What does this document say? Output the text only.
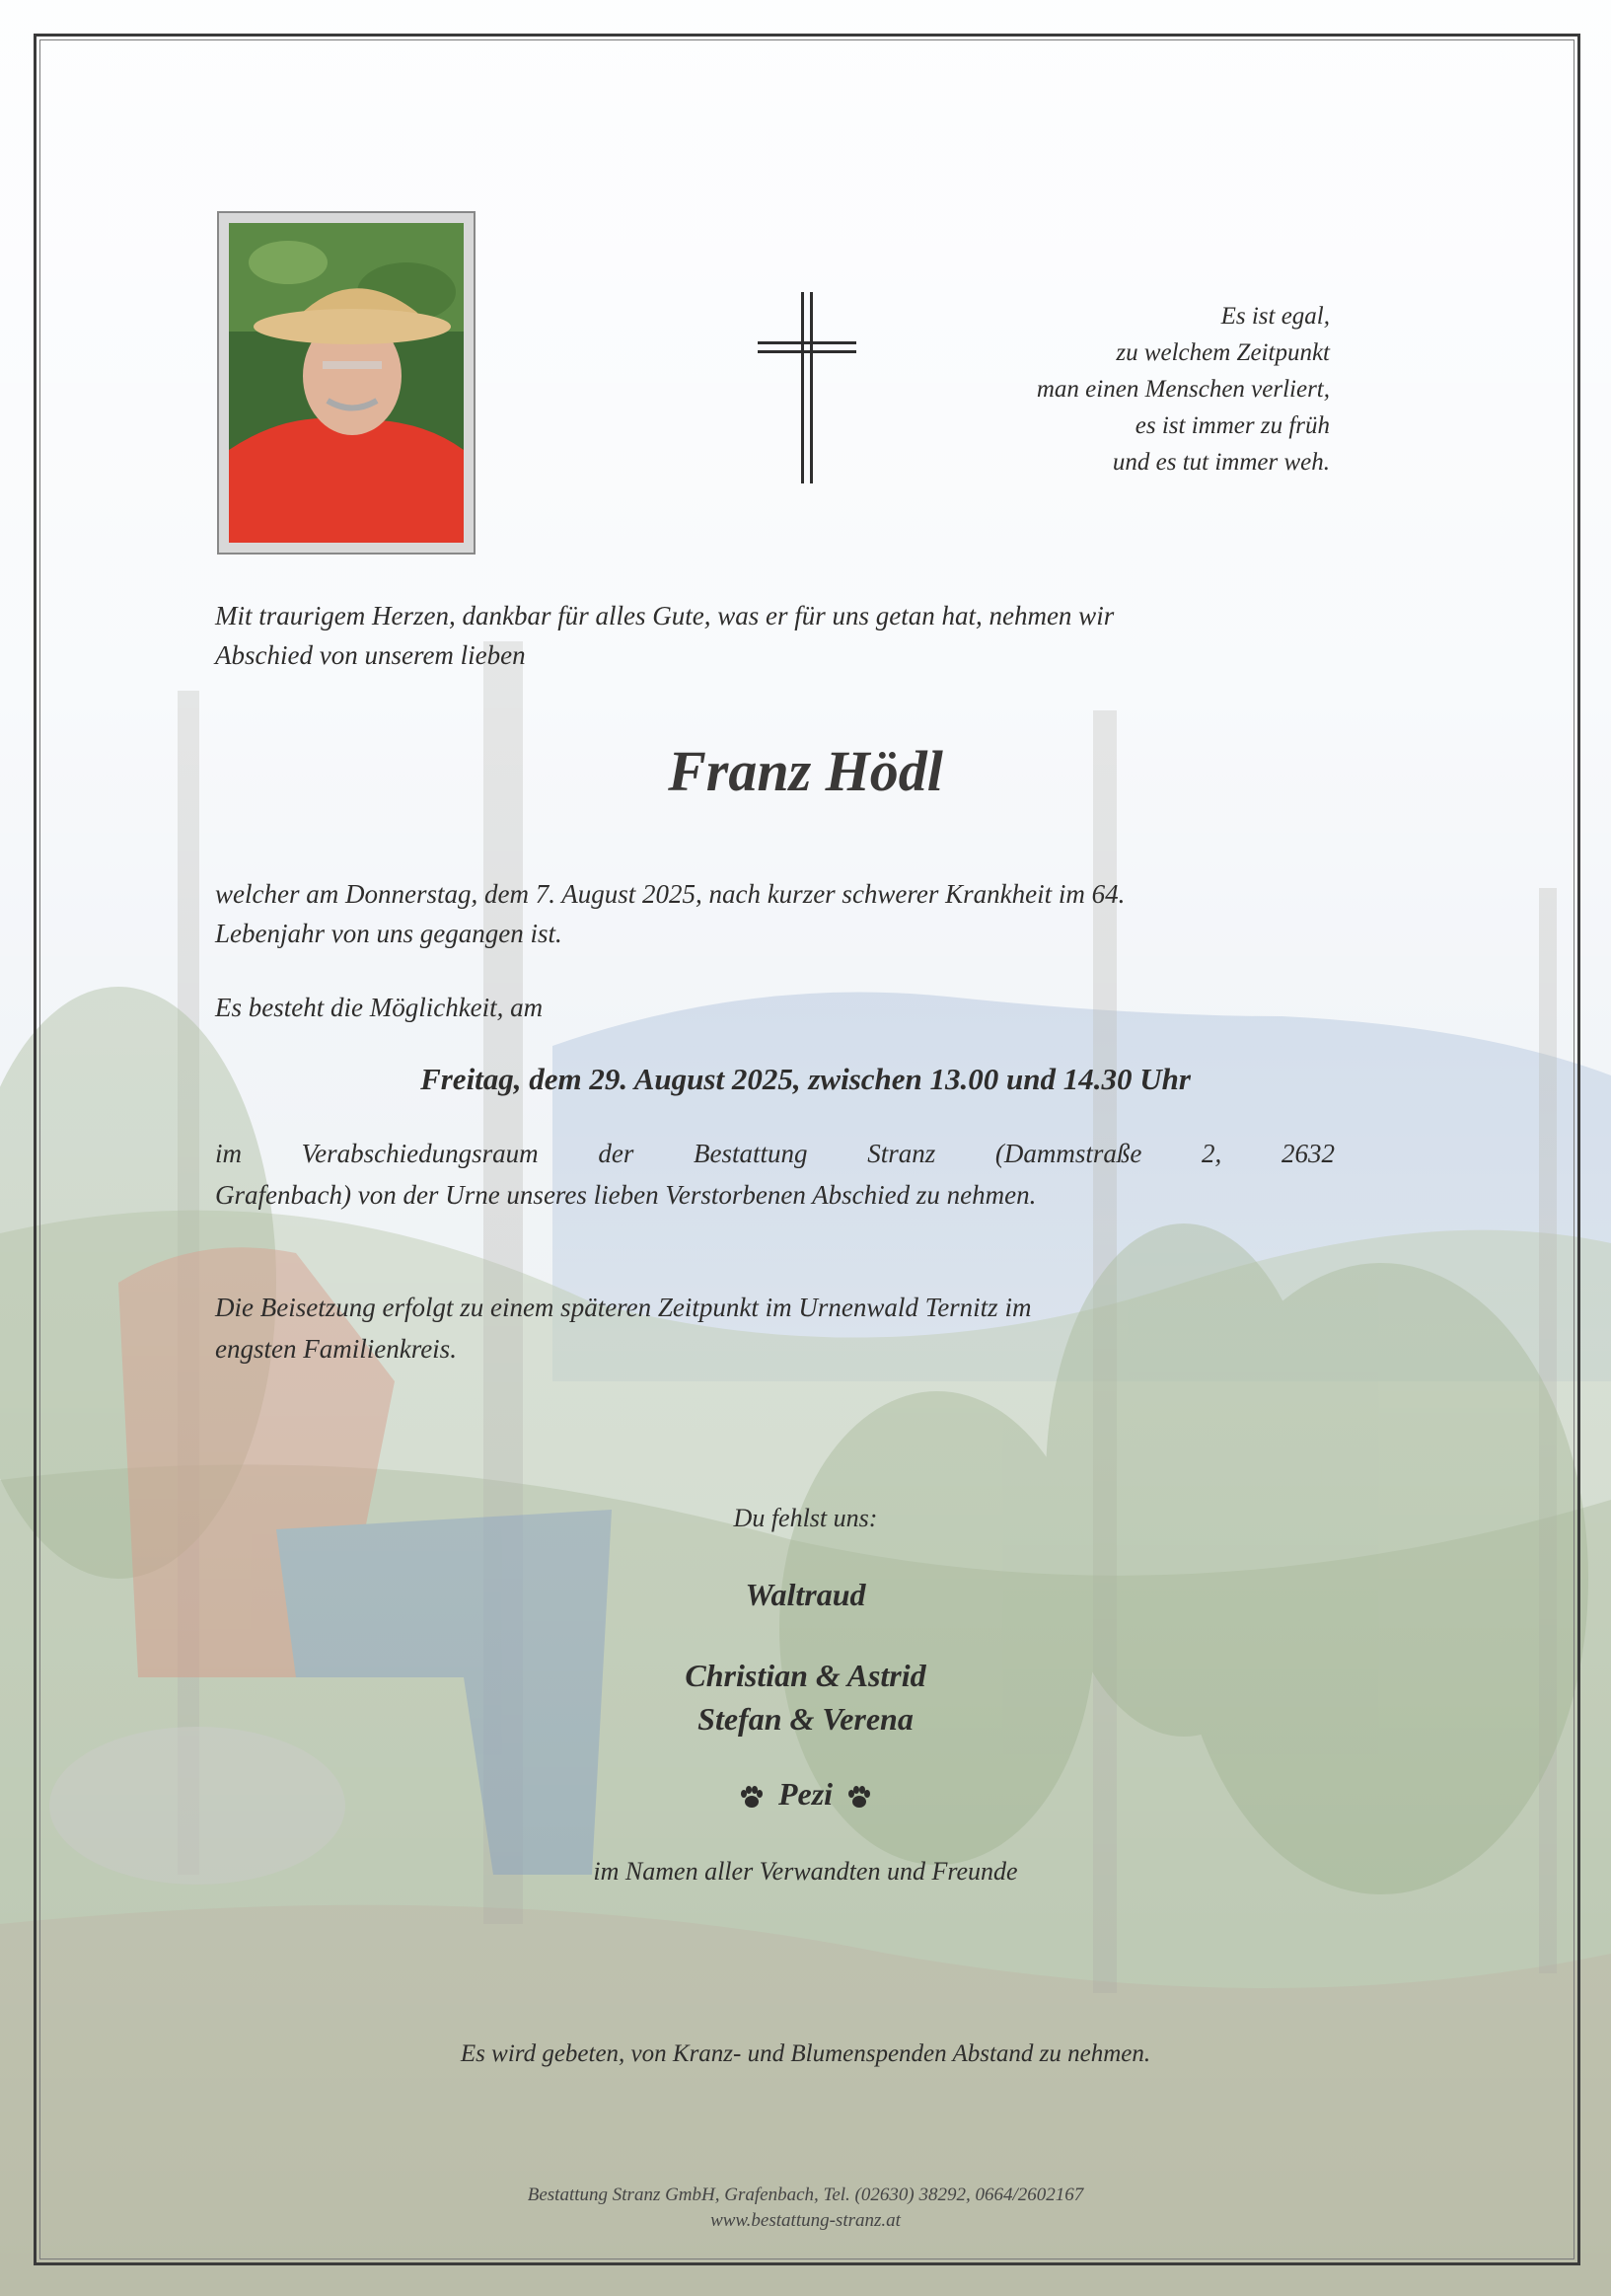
Es ist egal,
zu welchem Zeitpunkt
man einen Menschen verliert,
es ist immer zu früh
und es tut immer weh.
Mit traurigem Herzen, dankbar für alles Gute, was er für uns getan hat, nehmen wir
Abschied von unserem lieben
Franz Hödl
welcher am Donnerstag, dem 7. August 2025, nach kurzer schwerer Krankheit im 64.
Lebenjahr von uns gegangen ist.
Es besteht die Möglichkeit, am
Freitag, dem 29. August 2025, zwischen 13.00 und 14.30 Uhr
im Verabschiedungsraum der Bestattung Stranz (Dammstraße 2, 2632
Grafenbach) von der Urne unseres lieben Verstorbenen Abschied zu nehmen.
Die Beisetzung erfolgt zu einem späteren Zeitpunkt im Urnenwald Ternitz im
engsten Familienkreis.
Du fehlst uns:
Waltraud
Christian & Astrid
Stefan & Verena
Pezi
im Namen aller Verwandten und Freunde
Es wird gebeten, von Kranz- und Blumenspenden Abstand zu nehmen.
Bestattung Stranz GmbH, Grafenbach, Tel. (02630) 38292, 0664/2602167
www.bestattung-stranz.at
